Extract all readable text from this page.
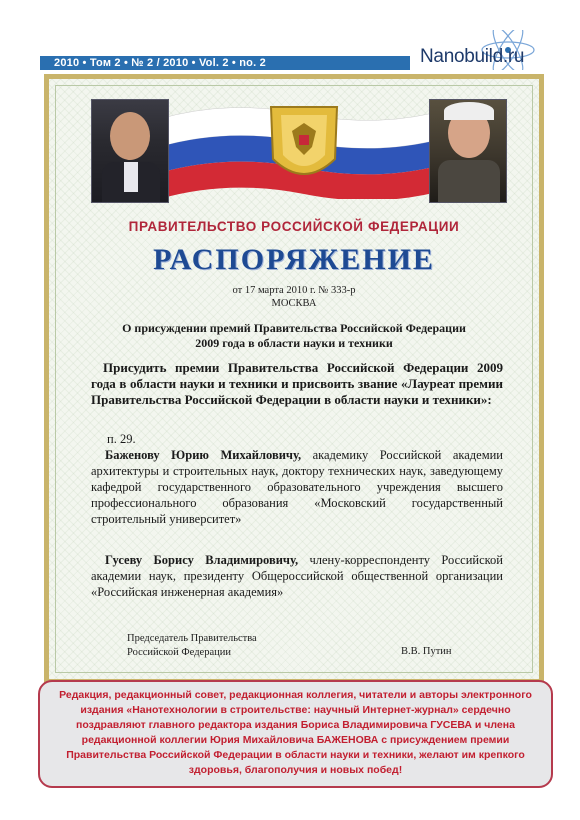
2010 • Том 2 • № 2 / 2010 • Vol. 2 • no. 2	Nanobuild.ru
ПРАВИТЕЛЬСТВО РОССИЙСКОЙ ФЕДЕРАЦИИ
РАСПОРЯЖЕНИЕ
от 17 марта 2010 г. № 333-р
МОСКВА
О присуждении премий Правительства Российской Федерации
2009 года в области науки и техники
Присудить премии Правительства Российской Федерации 2009 года в области науки и техники и присвоить звание «Лауреат премии Правительства Российской Федерации в области науки и техники»:
п. 29.
Баженову Юрию Михайловичу, академику Российской академии архитектуры и строительных наук, доктору технических наук, заведующему кафедрой государственного образовательного учреждения высшего профессионального образования «Московский государственный строительный университет»
Гусеву Борису Владимировичу, члену-корреспонденту Российской академии наук, президенту Общероссийской общественной организации «Российская инженерная академия»
Председатель Правительства
Российской Федерации	В.В. Путин
Редакция, редакционный совет, редакционная коллегия, читатели и авторы электронного издания «Нанотехнологии в строительстве: научный Интернет-журнал» сердечно поздравляют главного редактора издания Бориса Владимировича ГУСЕВА и члена редакционной коллегии Юрия Михайловича БАЖЕНОВА с присуждением премии Правительства Российской Федерации в области науки и техники, желают им крепкого здоровья, благополучия и новых побед!
